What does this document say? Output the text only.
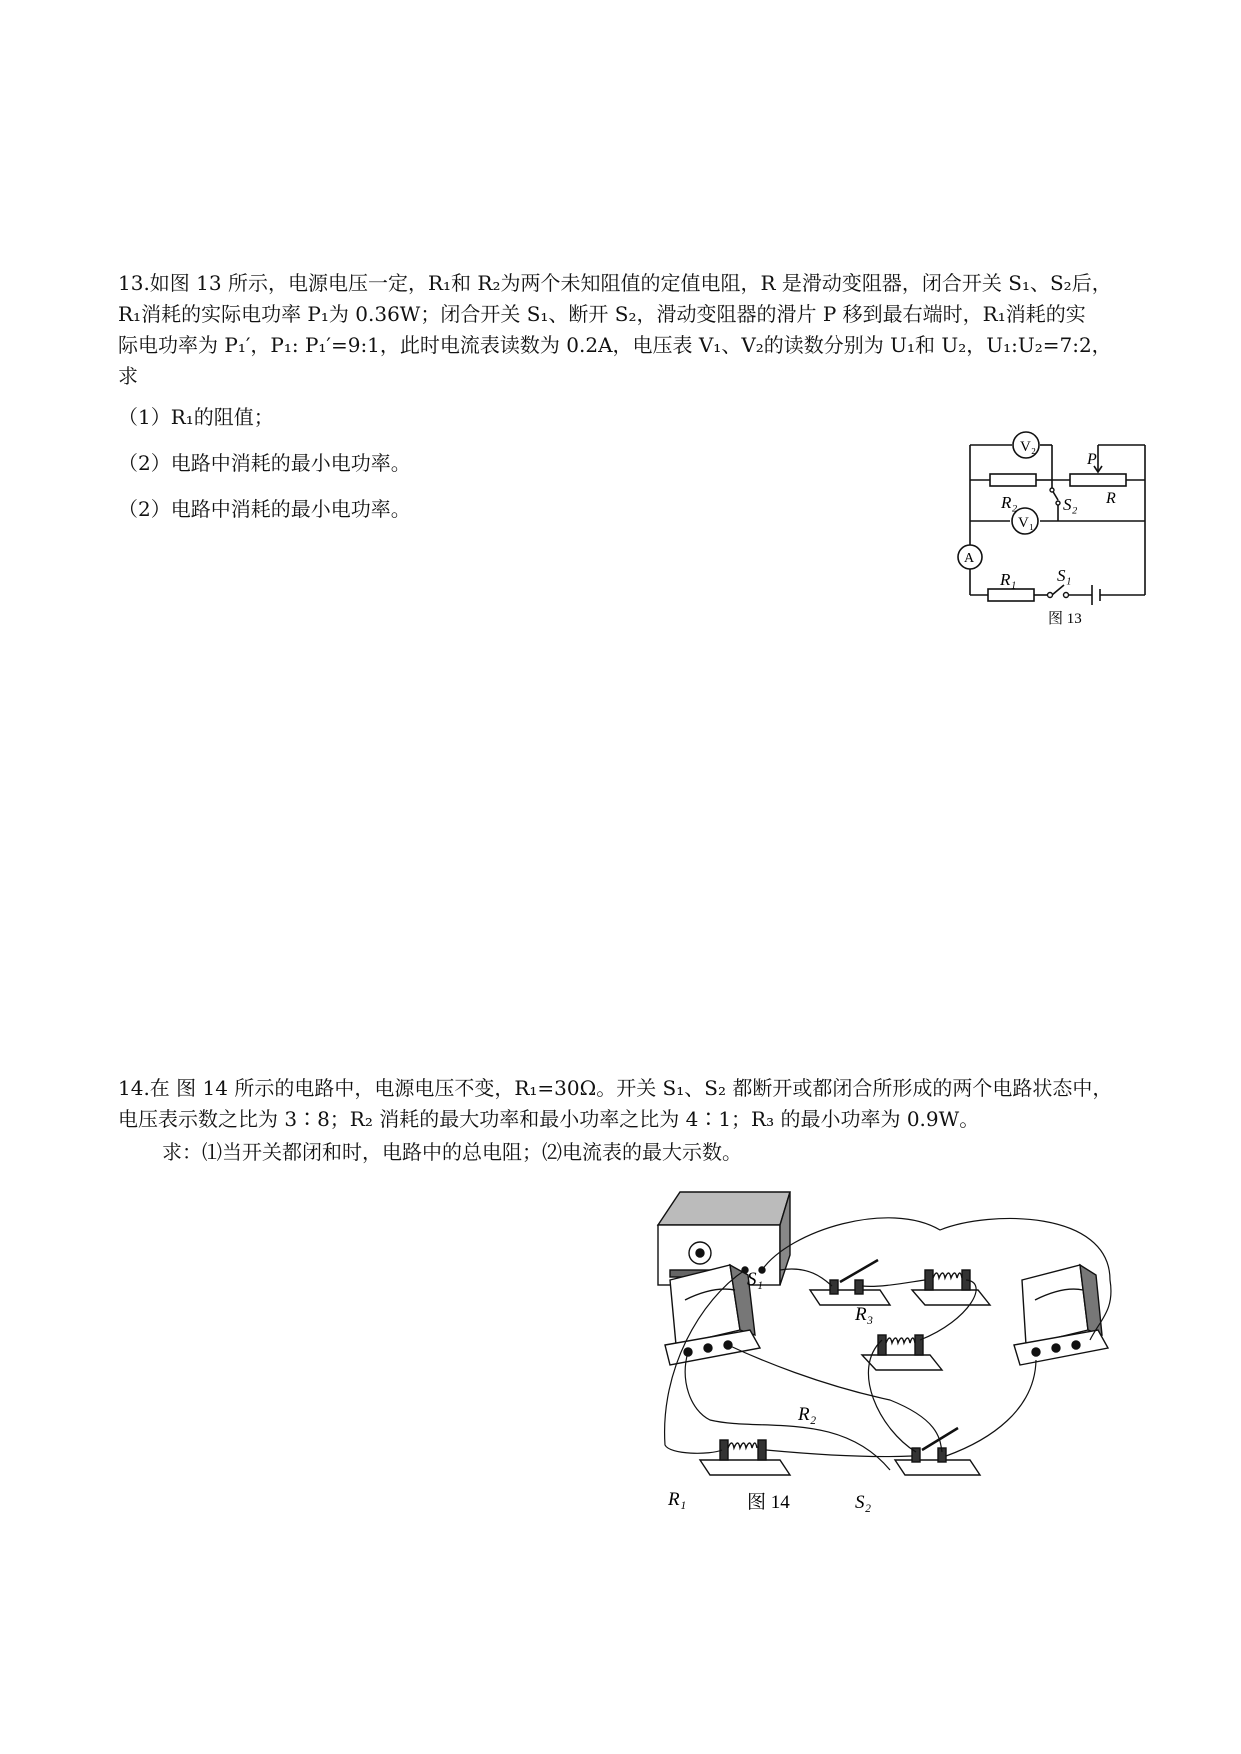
13.如图 13 所示，电源电压一定，R₁和 R₂为两个未知阻值的定值电阻，R 是滑动变阻器，闭合开关 S₁、S₂后，

R₁消耗的实际电功率 P₁为 0.36W；闭合开关 S₁、断开 S₂，滑动变阻器的滑片 P 移到最右端时，R₁消耗的实

际电功率为 P₁′，P₁: P₁′=9:1，此时电流表读数为 0.2A，电压表 V₁、V₂的读数分别为 U₁和 U₂，U₁:U₂=7:2，

求

（1）R₁的阻值；

（2）电路中消耗的最小电功率。

（2）电路中消耗的最小电功率。

V₂
V₁
A
P
R
R₂	S₂
R₁ S₁
图 13

14.在 图 14 所示的电路中，电源电压不变，R₁=30Ω。开关 S₁、S₂ 都断开或都闭合所形成的两个电路状态中，

电压表示数之比为 3∶8；R₂ 消耗的最大功率和最小功率之比为 4∶1；R₃ 的最小功率为 0.9W。

求：⑴当开关都闭和时，电路中的总电阻；⑵电流表的最大示数。

S₁
R₃
R₂
R₁	图 14	S₂
